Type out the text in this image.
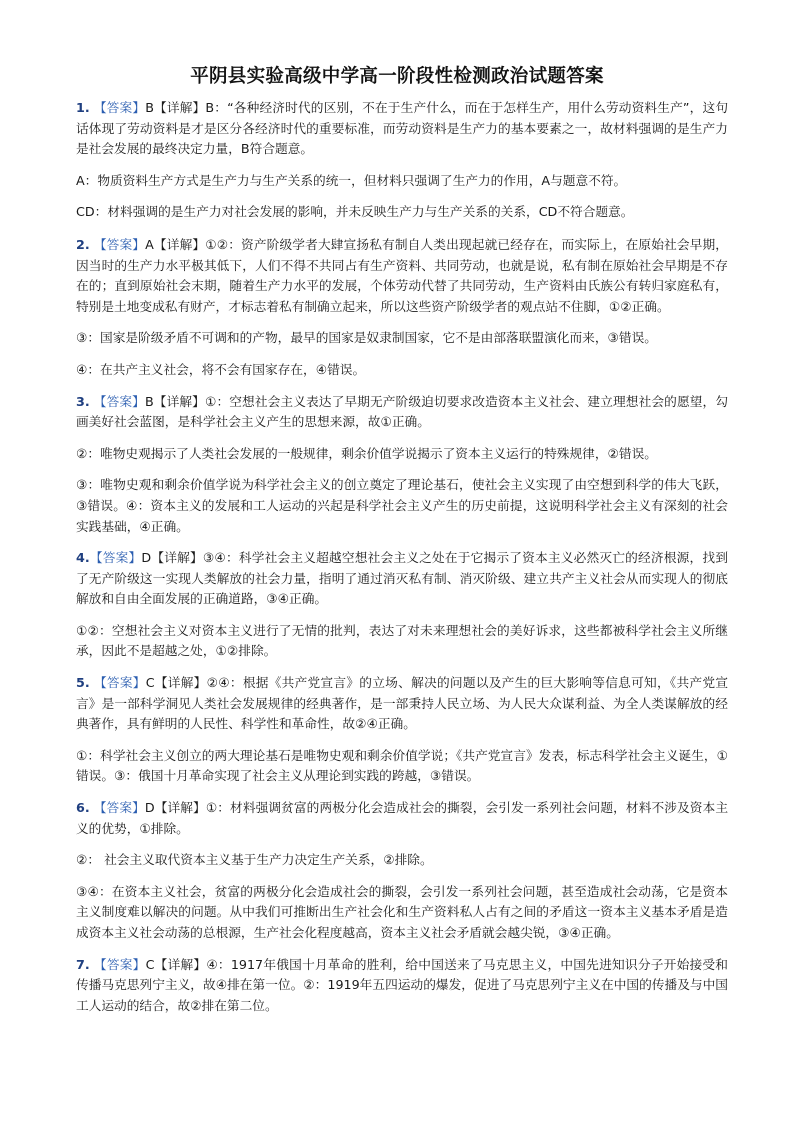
平阴县实验高级中学高一阶段性检测政治试题答案

1. 【答案】B【详解】B：“各种经济时代的区别，不在于生产什么，而在于怎样生产，用什么劳动资料生产”，这句话体现了劳动资料是才是区分各经济时代的重要标准，而劳动资料是生产力的基本要素之一，故材料强调的是生产力是社会发展的最终决定力量，B符合题意。

A：物质资料生产方式是生产力与生产关系的统一，但材料只强调了生产力的作用，A与题意不符。

CD：材料强调的是生产力对社会发展的影响，并未反映生产力与生产关系的关系，CD不符合题意。

2. 【答案】A【详解】①②：资产阶级学者大肆宣扬私有制自人类出现起就已经存在，而实际上，在原始社会早期，因当时的生产力水平极其低下，人们不得不共同占有生产资料、共同劳动，也就是说，私有制在原始社会早期是不存在的；直到原始社会末期，随着生产力水平的发展，个体劳动代替了共同劳动，生产资料由氏族公有转归家庭私有，特别是土地变成私有财产，才标志着私有制确立起来，所以这些资产阶级学者的观点站不住脚，①②正确。

③：国家是阶级矛盾不可调和的产物，最早的国家是奴隶制国家，它不是由部落联盟演化而来，③错误。

④：在共产主义社会，将不会有国家存在，④错误。

3. 【答案】B【详解】①：空想社会主义表达了早期无产阶级迫切要求改造资本主义社会、建立理想社会的愿望，勾画美好社会蓝图，是科学社会主义产生的思想来源，故①正确。

②：唯物史观揭示了人类社会发展的一般规律，剩余价值学说揭示了资本主义运行的特殊规律，②错误。

③：唯物史观和剩余价值学说为科学社会主义的创立奠定了理论基石，使社会主义实现了由空想到科学的伟大飞跃，③错误。④：资本主义的发展和工人运动的兴起是科学社会主义产生的历史前提，这说明科学社会主义有深刻的社会实践基础，④正确。

4.【答案】D【详解】③④：科学社会主义超越空想社会主义之处在于它揭示了资本主义必然灭亡的经济根源，找到了无产阶级这一实现人类解放的社会力量，指明了通过消灭私有制、消灭阶级、建立共产主义社会从而实现人的彻底解放和自由全面发展的正确道路，③④正确。

①②：空想社会主义对资本主义进行了无情的批判，表达了对未来理想社会的美好诉求，这些都被科学社会主义所继承，因此不是超越之处，①②排除。

5. 【答案】C【详解】②④：根据《共产党宣言》的立场、解决的问题以及产生的巨大影响等信息可知，《共产党宣言》是一部科学洞见人类社会发展规律的经典著作，是一部秉持人民立场、为人民大众谋利益、为全人类谋解放的经典著作，具有鲜明的人民性、科学性和革命性，故②④正确。

①：科学社会主义创立的两大理论基石是唯物史观和剩余价值学说；《共产党宣言》发表，标志科学社会主义诞生，①错误。③：俄国十月革命实现了社会主义从理论到实践的跨越，③错误。

6. 【答案】D【详解】①：材料强调贫富的两极分化会造成社会的撕裂，会引发一系列社会问题，材料不涉及资本主义的优势，①排除。

②： 社会主义取代资本主义基于生产力决定生产关系，②排除。

③④：在资本主义社会，贫富的两极分化会造成社会的撕裂，会引发一系列社会问题，甚至造成社会动荡，它是资本主义制度难以解决的问题。从中我们可推断出生产社会化和生产资料私人占有之间的矛盾这一资本主义基本矛盾是造成资本主义社会动荡的总根源，生产社会化程度越高，资本主义社会矛盾就会越尖锐，③④正确。

7. 【答案】C【详解】④：1917年俄国十月革命的胜利，给中国送来了马克思主义，中国先进知识分子开始接受和传播马克思列宁主义，故④排在第一位。②：1919年五四运动的爆发，促进了马克思列宁主义在中国的传播及与中国工人运动的结合，故②排在第二位。
